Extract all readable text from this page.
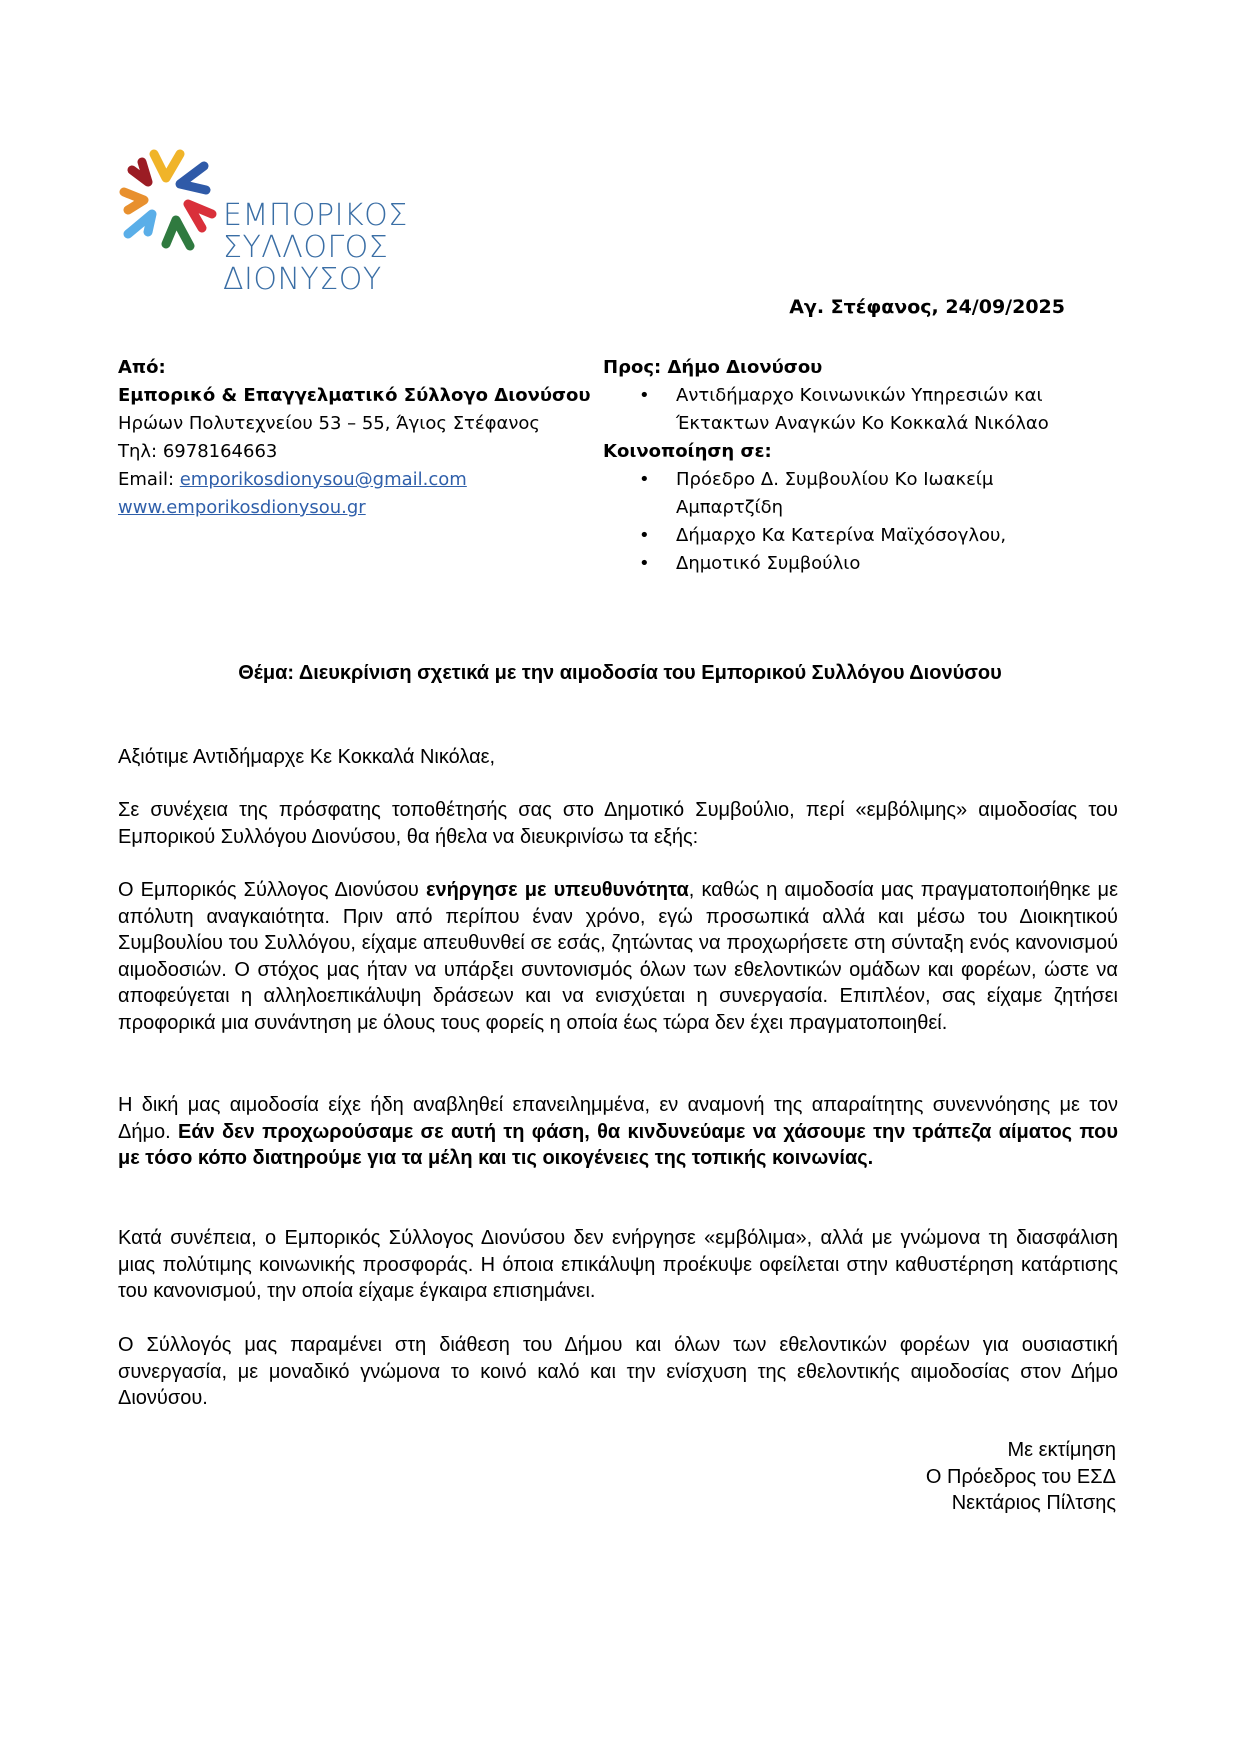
ΕΜΠΟΡΙΚΟΣ
ΣΥΛΛΟΓΟΣ
ΔΙΟΝΥΣΟΥ
Αγ. Στέφανος, 24/09/2025
Από:
Εμπορικό & Επαγγελματικό Σύλλογο Διονύσου
Ηρώων Πολυτεχνείου 53 – 55, Άγιος Στέφανος
Τηλ: 6978164663
Email: emporikosdionysou@gmail.com
www.emporikosdionysou.gr
Προς: Δήμο Διονύσου
• Αντιδήμαρχο Κοινωνικών Υπηρεσιών και Έκτακτων Αναγκών Κο Κοκκαλά Νικόλαο
Κοινοποίηση σε:
• Πρόεδρο Δ. Συμβουλίου Κο Ιωακείμ Αμπαρτζίδη
• Δήμαρχο Κα Κατερίνα Μαϊχόσογλου,
• Δημοτικό Συμβούλιο
Θέμα: Διευκρίνιση σχετικά με την αιμοδοσία του Εμπορικού Συλλόγου Διονύσου
Αξιότιμε Αντιδήμαρχε Κε Κοκκαλά Νικόλαε,
Σε συνέχεια της πρόσφατης τοποθέτησής σας στο Δημοτικό Συμβούλιο, περί «εμβόλιμης» αιμοδοσίας του Εμπορικού Συλλόγου Διονύσου, θα ήθελα να διευκρινίσω τα εξής:
Ο Εμπορικός Σύλλογος Διονύσου ενήργησε με υπευθυνότητα, καθώς η αιμοδοσία μας πραγματοποιήθηκε με απόλυτη αναγκαιότητα. Πριν από περίπου έναν χρόνο, εγώ προσωπικά αλλά και μέσω του Διοικητικού Συμβουλίου του Συλλόγου, είχαμε απευθυνθεί σε εσάς, ζητώντας να προχωρήσετε στη σύνταξη ενός κανονισμού αιμοδοσιών. Ο στόχος μας ήταν να υπάρξει συντονισμός όλων των εθελοντικών ομάδων και φορέων, ώστε να αποφεύγεται η αλληλοεπικάλυψη δράσεων και να ενισχύεται η συνεργασία. Επιπλέον, σας είχαμε ζητήσει προφορικά μια συνάντηση με όλους τους φορείς η οποία έως τώρα δεν έχει πραγματοποιηθεί.
Η δική μας αιμοδοσία είχε ήδη αναβληθεί επανειλημμένα, εν αναμονή της απαραίτητης συνεννόησης με τον Δήμο. Εάν δεν προχωρούσαμε σε αυτή τη φάση, θα κινδυνεύαμε να χάσουμε την τράπεζα αίματος που με τόσο κόπο διατηρούμε για τα μέλη και τις οικογένειες της τοπικής κοινωνίας.
Κατά συνέπεια, ο Εμπορικός Σύλλογος Διονύσου δεν ενήργησε «εμβόλιμα», αλλά με γνώμονα τη διασφάλιση μιας πολύτιμης κοινωνικής προσφοράς. Η όποια επικάλυψη προέκυψε οφείλεται στην καθυστέρηση κατάρτισης του κανονισμού, την οποία είχαμε έγκαιρα επισημάνει.
Ο Σύλλογός μας παραμένει στη διάθεση του Δήμου και όλων των εθελοντικών φορέων για ουσιαστική συνεργασία, με μοναδικό γνώμονα το κοινό καλό και την ενίσχυση της εθελοντικής αιμοδοσίας στον Δήμο Διονύσου.
Με εκτίμηση
Ο Πρόεδρος του ΕΣΔ
Νεκτάριος Πίλτσης
